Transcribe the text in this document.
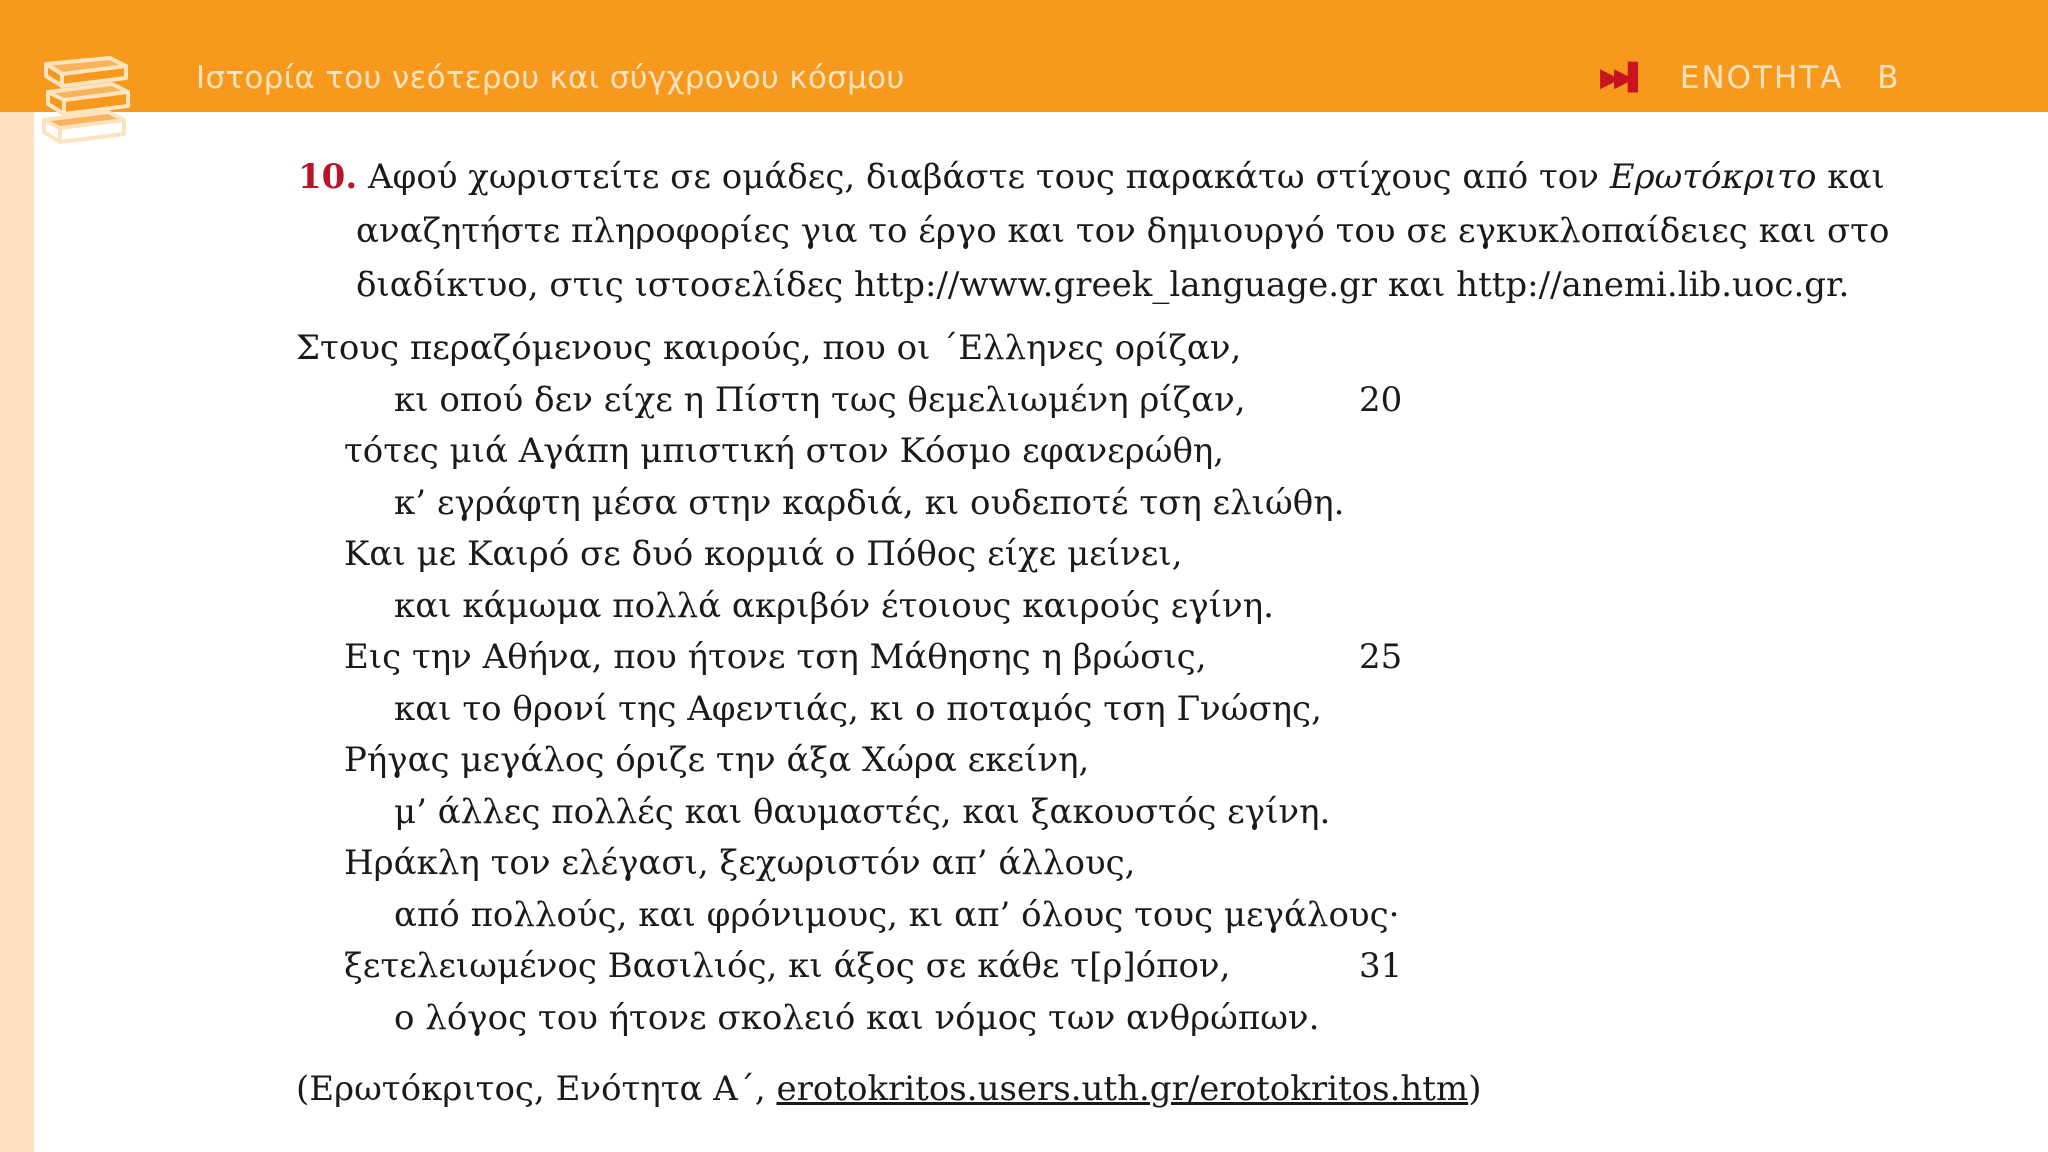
Ιστορία του νεότερου και σύγχρονου κόσμου	▶▶▌ ΕΝΟΤΗΤΑ Β
10. Αφού χωριστείτε σε ομάδες, διαβάστε τους παρακάτω στίχους από τον Ερωτόκριτο και
αναζητήστε πληροφορίες για το έργο και τον δημιουργό του σε εγκυκλοπαίδειες και στο
διαδίκτυο, στις ιστοσελίδες http://www.greek_language.gr και http://anemi.lib.uoc.gr.
Στους περαζόμενους καιρούς, που οι ΄Ελληνες ορίζαν,
κι οπού δεν είχε η Πίστη τως θεμελιωμένη ρίζαν,	20
τότες μιά Αγάπη μπιστική στον Κόσμο εφανερώθη,
κ’ εγράφτη μέσα στην καρδιά, κι ουδεποτέ τση ελιώθη.
Και με Καιρό σε δυό κορμιά ο Πόθος είχε μείνει,
και κάμωμα πολλά ακριβόν έτοιους καιρούς εγίνη.
Εις την Αθήνα, που ήτονε τση Μάθησης η βρώσις,	25
και το θρονί της Αφεντιάς, κι ο ποταμός τση Γνώσης,
Ρήγας μεγάλος όριζε την άξα Χώρα εκείνη,
μ’ άλλες πολλές και θαυμαστές, και ξακουστός εγίνη.
Ηράκλη τον ελέγασι, ξεχωριστόν απ’ άλλους,
από πολλούς, και φρόνιμους, κι απ’ όλους τους μεγάλους·
ξετελειωμένος Βασιλιός, κι άξος σε κάθε τ[ρ]όπον,	31
ο λόγος του ήτονε σκολειό και νόμος των ανθρώπων.
(Ερωτόκριτος, Ενότητα Α΄, erotokritos.users.uth.gr/erotokritos.htm)
